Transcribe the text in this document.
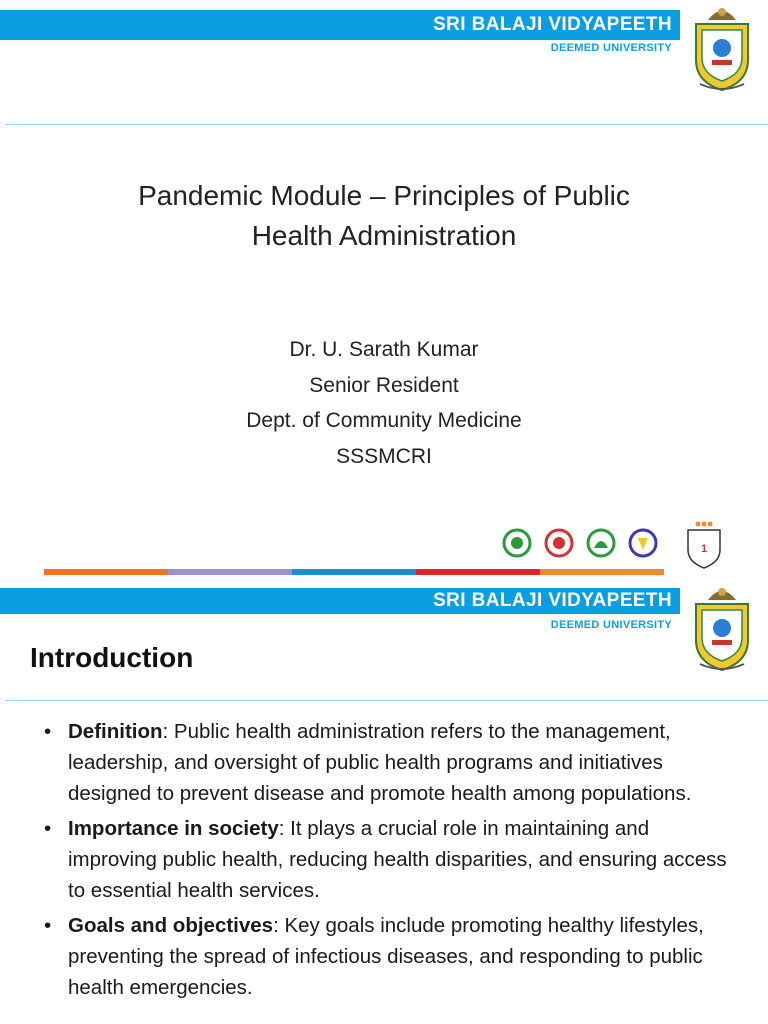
SRI BALAJI VIDYAPEETH
DEEMED UNIVERSITY
Pandemic Module – Principles of Public
Health Administration
Dr. U. Sarath Kumar
Senior Resident
Dept. of Community Medicine
SSSMCRI
1
SRI BALAJI VIDYAPEETH
DEEMED UNIVERSITY
Introduction
• Definition: Public health administration refers to the management, leadership, and oversight of public health programs and initiatives designed to prevent disease and promote health among populations.
• Importance in society: It plays a crucial role in maintaining and improving public health, reducing health disparities, and ensuring access to essential health services.
• Goals and objectives: Key goals include promoting healthy lifestyles, preventing the spread of infectious diseases, and responding to public health emergencies.
